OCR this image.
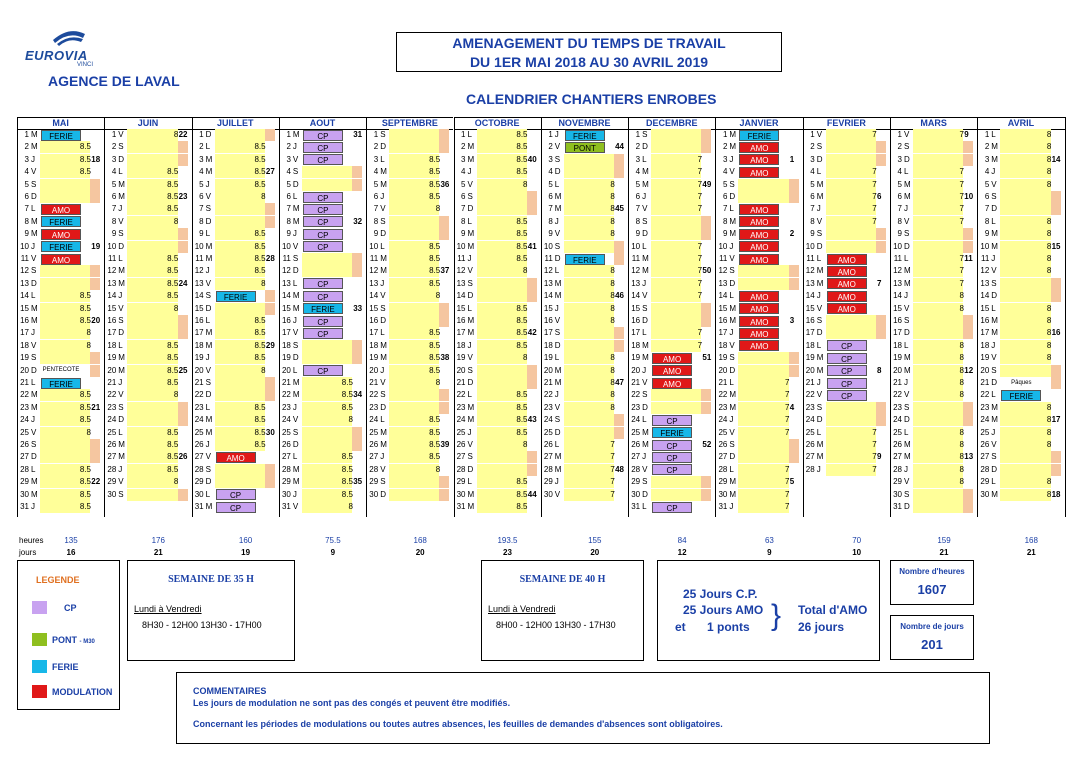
EUROVIA
VINCI
AGENCE DE LAVAL
AMENAGEMENT DU TEMPS DE TRAVAIL
DU 1ER MAI 2018 AU 30 AVRIL 2019
CALENDRIER CHANTIERS ENROBES
MAI
1 M	FERIE
2 M	8.5
3 J	8.5 18
4 V	8.5
5 S
6 D
7 L	AMO
8 M	FERIE
9 M	AMO
10 J	FERIE	19
11 V	AMO
12 S
13 D
14 L	8.5
15 M	8.5
16 M	8.5 20
17 J	8
18 V	8
19 S
20 D PENTECOTE
21 L	FERIE
22 M	8.5
23 M	8.5 21
24 J	8.5
25 V	8
26 S
27 D
28 L	8.5
29 M	8.5 22
30 M	8.5
31 J	8.5
JUIN
1 V	8 22
2 S
3 D
4 L	8.5
5 M	8.5
6 M	8.5 23
7 J	8.5
8 V	8
9 S
10 D
11 L	8.5
12 M	8.5
13 M	8.5 24
14 J	8.5
15 V	8
16 S
17 D
18 L	8.5
19 M	8.5
20 M	8.5 25
21 J	8.5
22 V	8
23 S
24 D
25 L	8.5
26 M	8.5
27 M	8.5 26
28 J	8.5
29 V	8
30 S
JUILLET
1 D
2 L	8.5
3 M	8.5
4 M	8.5 27
5 J	8.5
6 V	8
7 S
8 D
9 L	8.5
10 M	8.5
11 M	8.5 28
12 J	8.5
13 V	8
14 S	FERIE
15 D
16 L	8.5
17 M	8.5
18 M	8.5 29
19 J	8.5
20 V	8
21 S
22 D
23 L	8.5
24 M	8.5
25 M	8.5 30
26 J	8.5
27 V	AMO
28 S
29 D
30 L	CP
31 M	CP
AOUT
1 M	CP	31
2 J	CP
3 V	CP
4 S
5 D
6 L	CP
7 M	CP
8 M	CP	32
9 J	CP
10 V	CP
11 S
12 D
13 L	CP
14 M	CP
15 M	FERIE	33
16 J	CP
17 V	CP
18 S
19 D
20 L	CP
21 M	8.5
22 M	8.5 34
23 J	8.5
24 V	8
25 S
26 D
27 L	8.5
28 M	8.5
29 M	8.5 35
30 J	8.5
31 V	8
SEPTEMBRE
1 S
2 D
3 L	8.5
4 M	8.5
5 M	8.5 36
6 J	8.5
7 V	8
8 S
9 D
10 L	8.5
11 M	8.5
12 M	8.5 37
13 J	8.5
14 V	8
15 S
16 D
17 L	8.5
18 M	8.5
19 M	8.5 38
20 J	8.5
21 V	8
22 S
23 D
24 L	8.5
25 M	8.5
26 M	8.5 39
27 J	8.5
28 V	8
29 S
30 D
OCTOBRE
1 L	8.5
2 M	8.5
3 M	8.5 40
4 J	8.5
5 V	8
6 S
7 D
8 L	8.5
9 M	8.5
10 M	8.5 41
11 J	8.5
12 V	8
13 S
14 D
15 L	8.5
16 M	8.5
17 M	8.5 42
18 J	8.5
19 V	8
20 S
21 D
22 L	8.5
23 M	8.5
24 M	8.5 43
25 J	8.5
26 V	8
27 S
28 D
29 L	8.5
30 M	8.5 44
31 M	8.5
NOVEMBRE
1 J	FERIE
2 V	PONT	44
3 S
4 D
5 L	8
6 M	8
7 M	8 45
8 J	8
9 V	8
10 S
11 D	FERIE
12 L	8
13 M	8
14 M	8 46
15 J	8
16 V	8
17 S
18 D
19 L	8
20 M	8
21 M	8 47
22 J	8
23 V	8
24 S
25 D
26 L	7
27 M	7
28 M	7 48
29 J	7
30 V	7
DECEMBRE
1 S
2 D
3 L	7
4 M	7
5 M	7 49
6 J	7
7 V	7
8 S
9 D
10 L	7
11 M	7
12 M	7 50
13 J	7
14 V	7
15 S
16 D
17 L	7
18 M	7
19 M	AMO	51
20 J	AMO
21 V	AMO
22 S
23 D
24 L	CP
25 M	FERIE
26 M	CP	52
27 J	CP
28 V	CP
29 S
30 D
31 L	CP
JANVIER
1 M	FERIE
2 M	AMO
3 J	AMO	1
4 V	AMO
5 S
6 D
7 L	AMO
8 M	AMO
9 M	AMO	2
10 J	AMO
11 V	AMO
12 S
13 D
14 L	AMO
15 M	AMO
16 M	AMO	3
17 J	AMO
18 V	AMO
19 S
20 D
21 L	7
22 M	7
23 M	7 4
24 J	7
25 V	7
26 S
27 D
28 L	7
29 M	7 5
30 M	7
31 J	7
FEVRIER
1 V	7
2 S
3 D
4 L	7
5 M	7
6 M	7 6
7 J	7
8 V	7
9 S
10 D
11 L	AMO
12 M	AMO
13 M	AMO	7
14 J	AMO
15 V	AMO
16 S
17 D
18 L	CP
19 M	CP
20 M	CP	8
21 J	CP
22 V	CP
23 S
24 D
25 L	7
26 M	7
27 M	7 9
28 J	7
MARS
1 V	7 9
2 S
3 D
4 L	7
5 M	7
6 M	7 10
7 J	7
8 V	7
9 S
10 D
11 L	7 11
12 M	7
13 M	7
14 J	8
15 V	8
16 S
17 D
18 L	8
19 M	8
20 M	8 12
21 J	8
22 V	8
23 S
24 D
25 L	8
26 M	8
27 M	8 13
28 J	8
29 V	8
30 S
31 D
AVRIL
1 L	8
2 M	8
3 M	8 14
4 J	8
5 V	8
6 S
7 D
8 L	8
9 M	8
10 M	8 15
11 J	8
12 V	8
13 S
14 D
15 L	8
16 M	8
17 M	8 16
18 J	8
19 V	8
20 S
21 D	Pâques
22 L	FERIE
23 M	8
24 M	8 17
25 J	8
26 V	8
27 S
28 D
29 L	8
30 M	8 18
heures
jours
135
16
176
21
160
19
75.5
9
168
20
193.5
23
155
20
84
12
63
9
70
10
159
21
168
21
LEGENDE
CP
PONT - M30
FERIE
MODULATION
SEMAINE DE 35 H
Lundi à Vendredi
8H30 - 12H00 13H30 - 17H00
SEMAINE DE 40 H
Lundi à Vendredi
8H00 - 12H00 13H30 - 17H30
25 Jours C.P.
25 Jours AMO
et 1 ponts
Total d'AMO
26 jours
}
Nombre d'heures
1607
Nombre de jours
201
COMMENTAIRES
Les jours de modulation ne sont pas des congés et peuvent être modifiés.
Concernant les périodes de modulations ou toutes autres absences, les feuilles de demandes d'absences sont obligatoires.
